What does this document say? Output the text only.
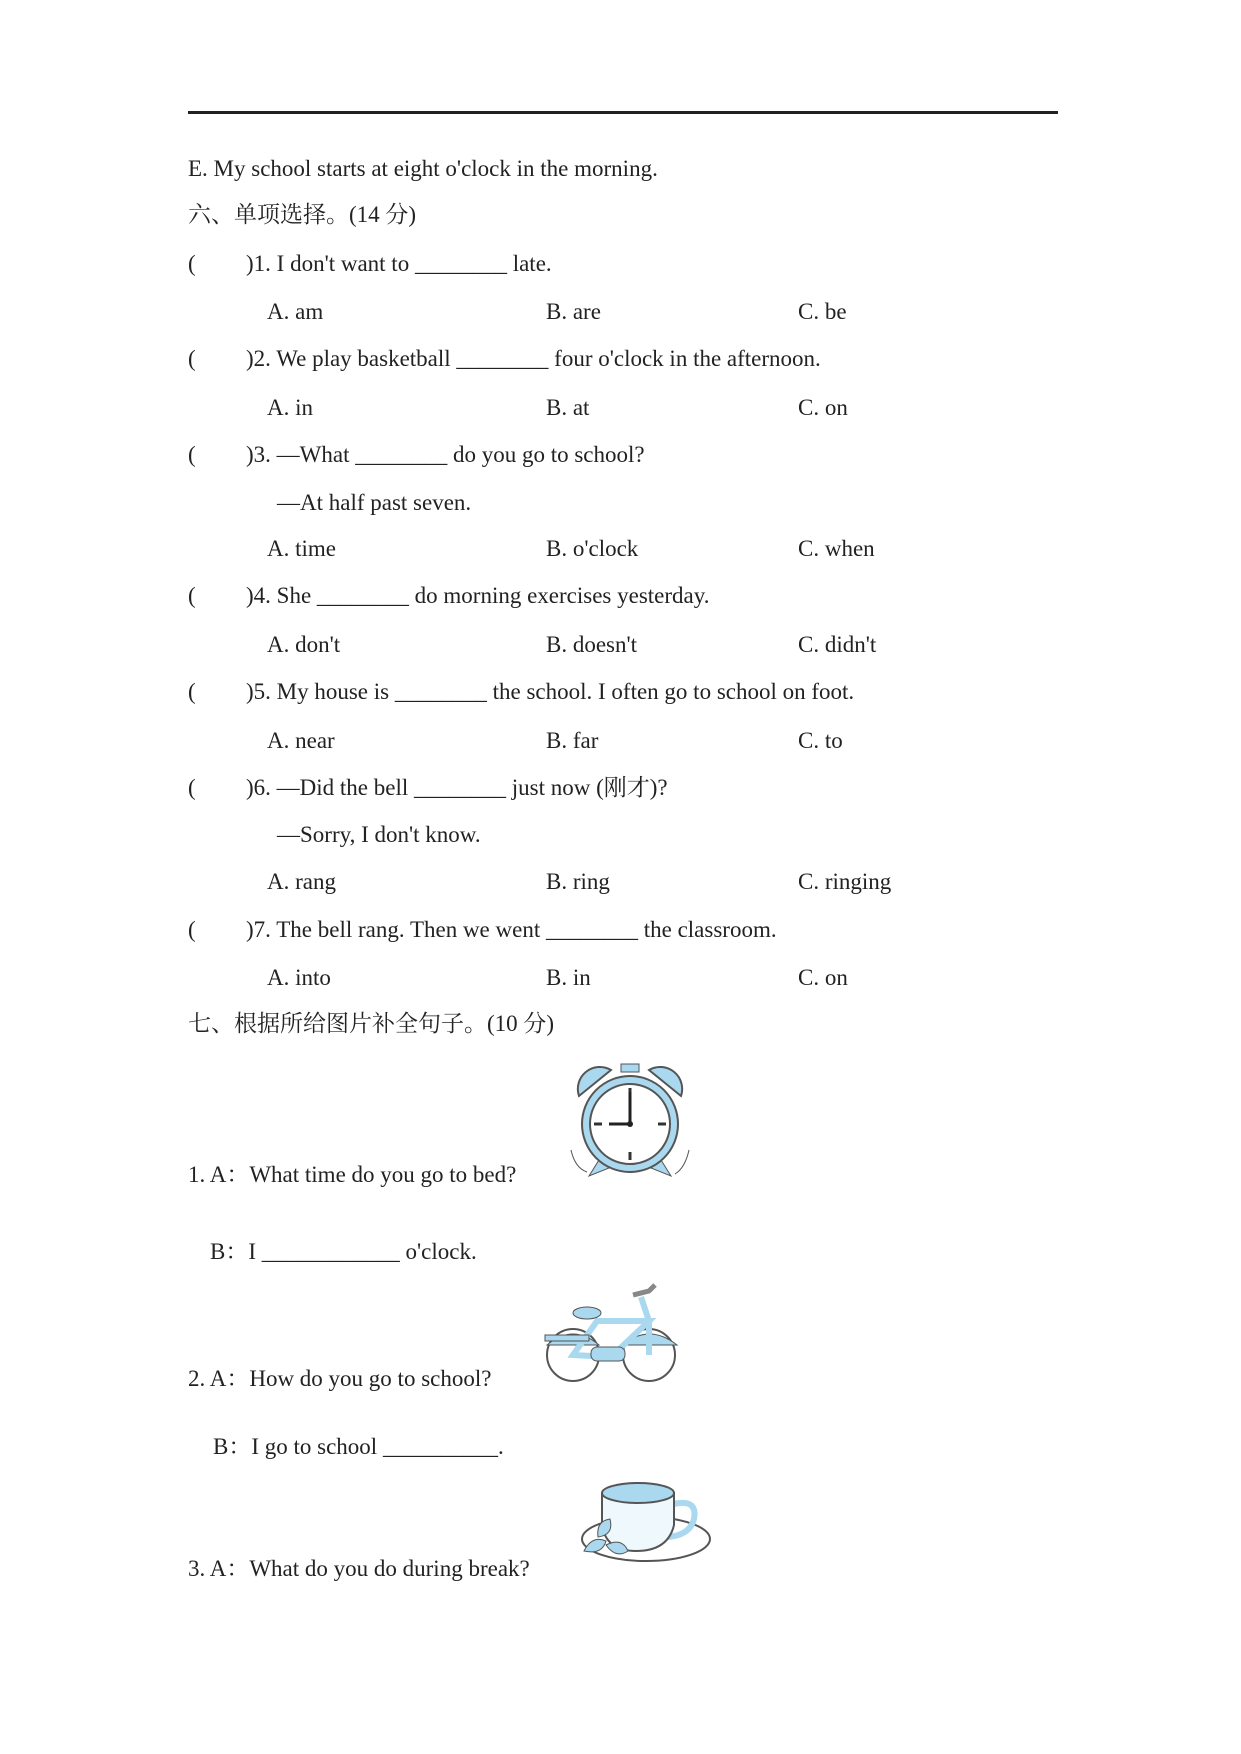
E. My school starts at eight o'clock in the morning.
六、单项选择。(14 分)
( )1. I don't want to ________ late.
A. am	B. are	C. be
( )2. We play basketball ________ four o'clock in the afternoon.
A. in	B. at	C. on
( )3. —What ________ do you go to school?
—At half past seven.
A. time	B. o'clock	C. when
( )4. She ________ do morning exercises yesterday.
A. don't	B. doesn't	C. didn't
( )5. My house is ________ the school. I often go to school on foot.
A. near	B. far	C. to
( )6. —Did the bell ________ just now (刚才)?
—Sorry, I don't know.
A. rang	B. ring	C. ringing
( )7. The bell rang. Then we went ________ the classroom.
A. into	B. in	C. on
七、根据所给图片补全句子。(10 分)
1. A：What time do you go to bed?
B：I ____________ o'clock.
2. A：How do you go to school?
B：I go to school __________.
3. A：What do you do during break?
